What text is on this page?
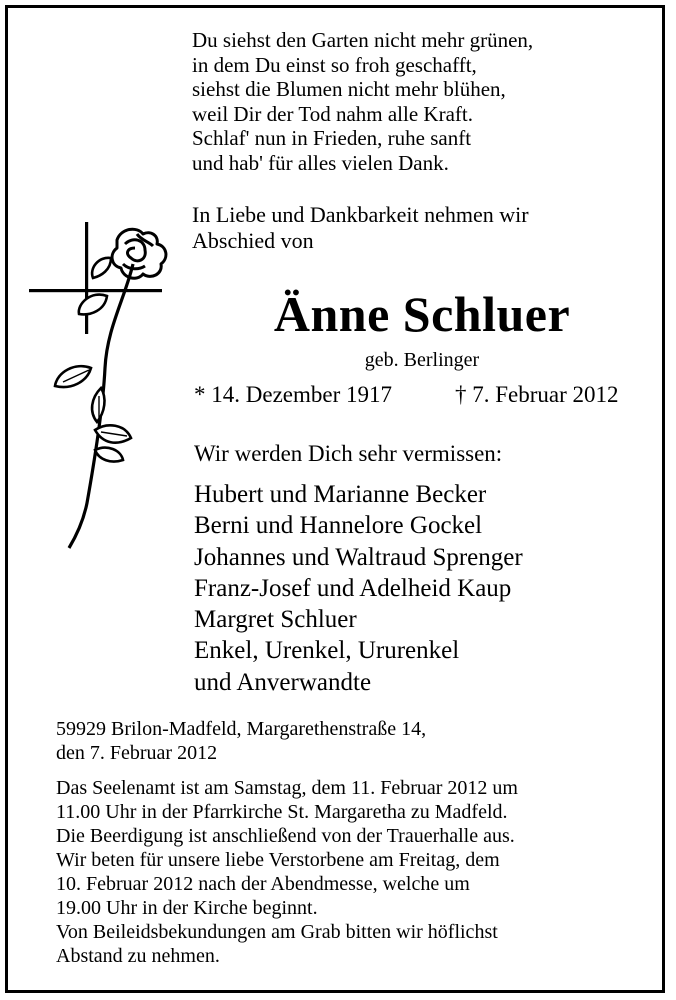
Du siehst den Garten nicht mehr grünen,
in dem Du einst so froh geschafft,
siehst die Blumen nicht mehr blühen,
weil Dir der Tod nahm alle Kraft.
Schlaf' nun in Frieden, ruhe sanft
und hab' für alles vielen Dank.
In Liebe und Dankbarkeit nehmen wir
Abschied von
Änne Schluer
geb. Berlinger
* 14. Dezember 1917	† 7. Februar 2012
Wir werden Dich sehr vermissen:
Hubert und Marianne Becker
Berni und Hannelore Gockel
Johannes und Waltraud Sprenger
Franz-Josef und Adelheid Kaup
Margret Schluer
Enkel, Urenkel, Ururenkel
und Anverwandte
59929 Brilon-Madfeld, Margarethenstraße 14,
den 7. Februar 2012
Das Seelenamt ist am Samstag, dem 11. Februar 2012 um
11.00 Uhr in der Pfarrkirche St. Margaretha zu Madfeld.
Die Beerdigung ist anschließend von der Trauerhalle aus.
Wir beten für unsere liebe Verstorbene am Freitag, dem
10. Februar 2012 nach der Abendmesse, welche um
19.00 Uhr in der Kirche beginnt.
Von Beileidsbekundungen am Grab bitten wir höflichst
Abstand zu nehmen.
